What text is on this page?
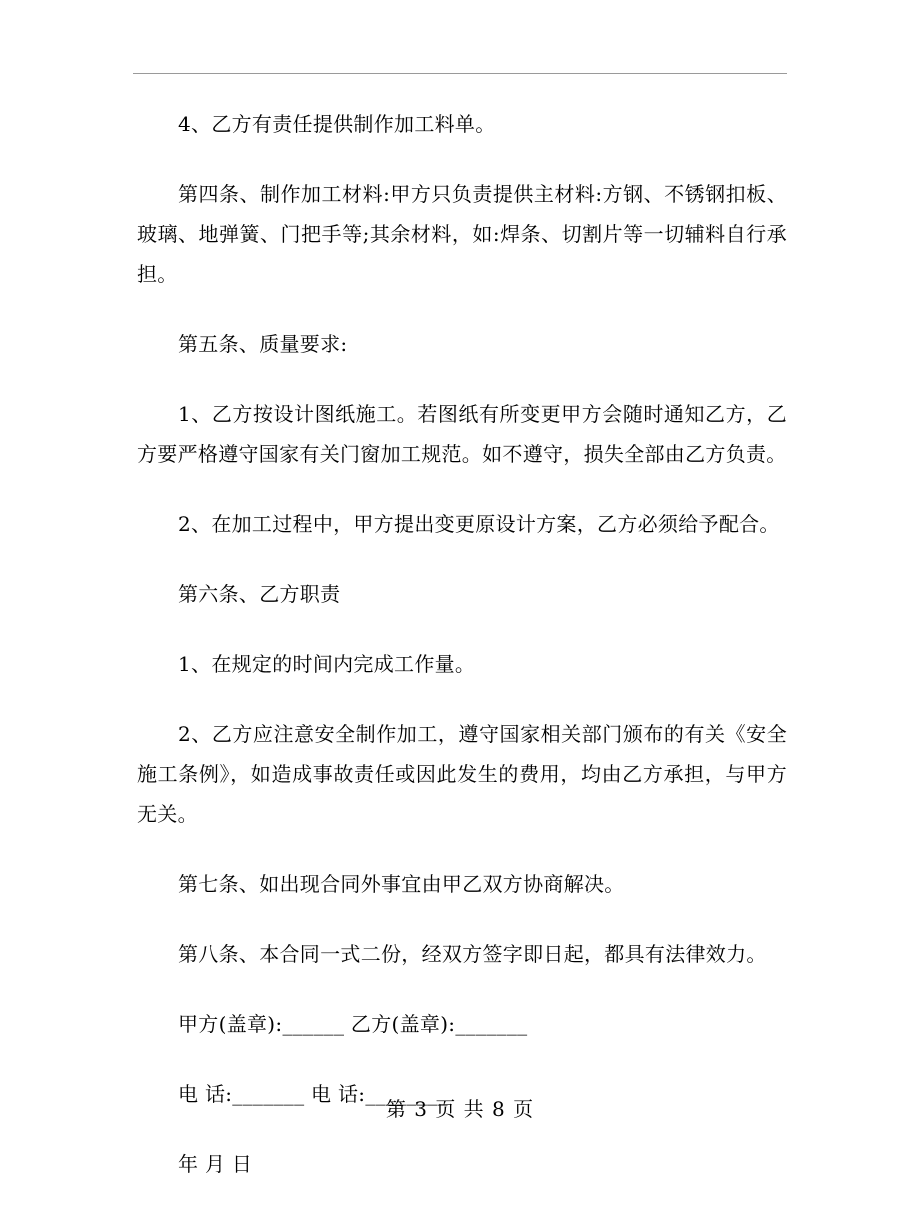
4、乙方有责任提供制作加工料单。

第四条、制作加工材料:甲方只负责提供主材料:方钢、不锈钢扣板、玻璃、地弹簧、门把手等;其余材料，如:焊条、切割片等一切辅料自行承担。

第五条、质量要求:

1、乙方按设计图纸施工。若图纸有所变更甲方会随时通知乙方，乙方要严格遵守国家有关门窗加工规范。如不遵守，损失全部由乙方负责。

2、在加工过程中，甲方提出变更原设计方案，乙方必须给予配合。

第六条、乙方职责

1、在规定的时间内完成工作量。

2、乙方应注意安全制作加工，遵守国家相关部门颁布的有关《安全施工条例》，如造成事故责任或因此发生的费用，均由乙方承担，与甲方无关。

第七条、如出现合同外事宜由甲乙双方协商解决。

第八条、本合同一式二份，经双方签字即日起，都具有法律效力。

甲方(盖章):______ 乙方(盖章):_______

电 话:_______ 电 话:________

年 月 日

第 3 页 共 8 页
